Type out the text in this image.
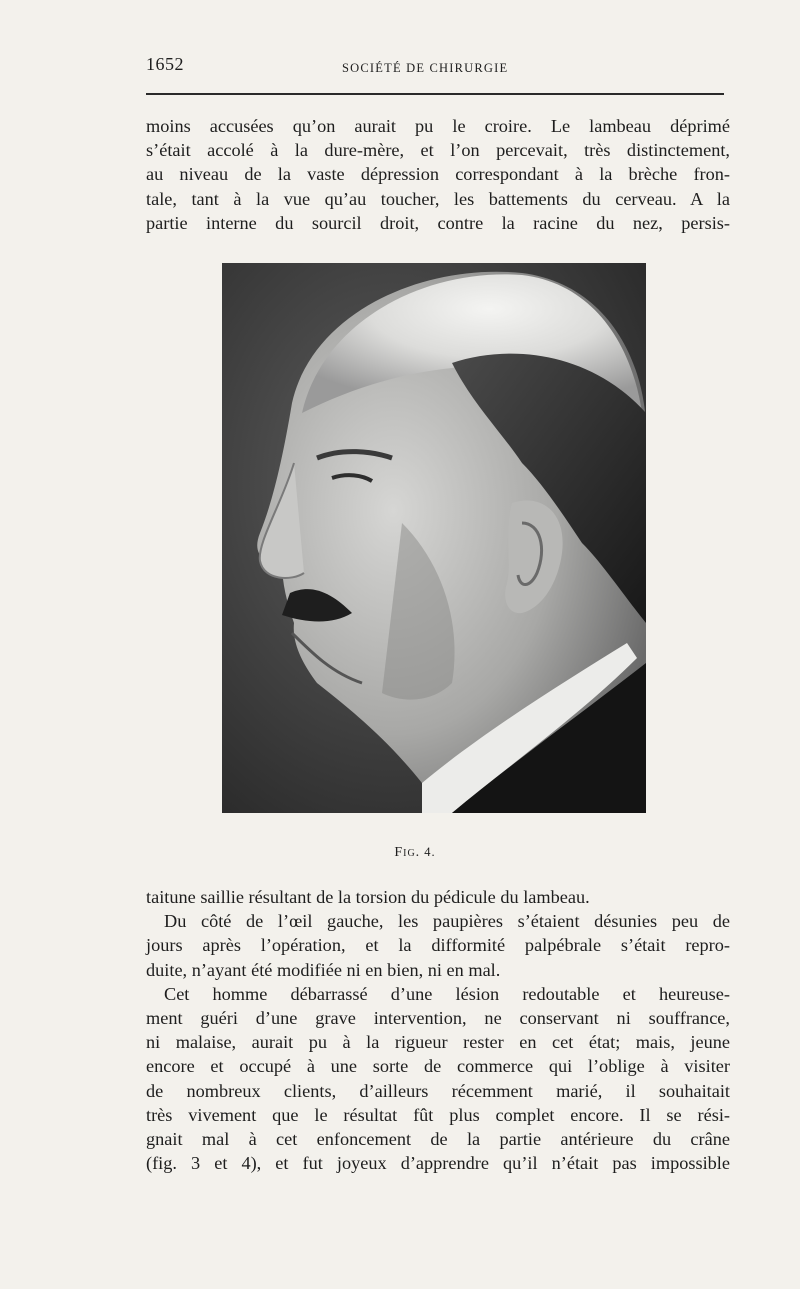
1652	SOCIÉTÉ DE CHIRURGIE
moins accusées qu’on aurait pu le croire. Le lambeau déprimé
s’était accolé à la dure-mère, et l’on percevait, très distinctement,
au niveau de la vaste dépression correspondant à la brèche fron-
tale, tant à la vue qu’au toucher, les battements du cerveau. A la
partie interne du sourcil droit, contre la racine du nez, persis-
Fig. 4.

taitune saillie résultant de la torsion du pédicule du lambeau.

Du côté de l’œil gauche, les paupières s’étaient désunies peu de
jours après l’opération, et la difformité palpébrale s’était repro-
duite, n’ayant été modifiée ni en bien, ni en mal.

Cet homme débarrassé d’une lésion redoutable et heureuse-
ment guéri d’une grave intervention, ne conservant ni souffrance,
ni malaise, aurait pu à la rigueur rester en cet état; mais, jeune
encore et occupé à une sorte de commerce qui l’oblige à visiter
de nombreux clients, d’ailleurs récemment marié, il souhaitait
très vivement que le résultat fût plus complet encore. Il se rési-
gnait mal à cet enfoncement de la partie antérieure du crâne
(fig. 3 et 4), et fut joyeux d’apprendre qu’il n’était pas impossible
